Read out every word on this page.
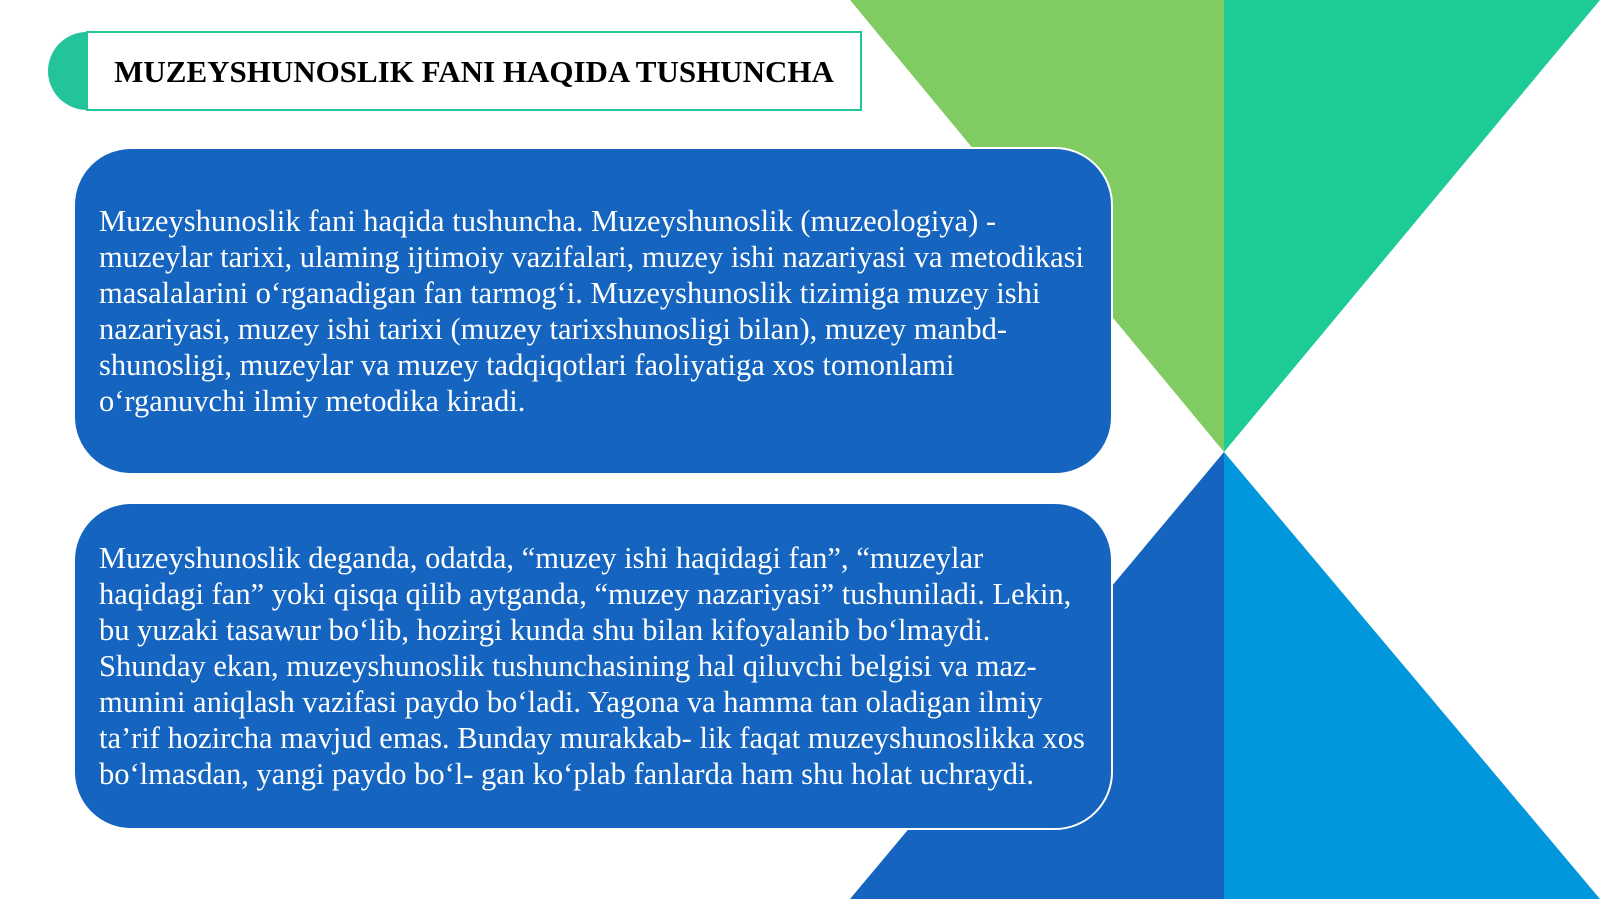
MUZEYSHUNOSLIK FANI HAQIDA TUSHUNCHA

Muzeyshunoslik fani haqida tushuncha. Muzeyshunoslik (muzeologiya) - muzeylar tarixi, ulaming ijtimoiy vazifalari, muzey ishi nazariyasi va metodikasi masalalarini o‘rganadigan fan tarmog‘i. Muzeyshunoslik tizimiga muzey ishi nazariyasi, muzey ishi tarixi (muzey tarixshunosligi bilan), muzey manbd- shunosligi, muzeylar va muzey tadqiqotlari faoliyatiga xos tomonlami o‘rganuvchi ilmiy metodika kiradi.

Muzeyshunoslik deganda, odatda, “muzey ishi haqidagi fan”, “muzeylar haqidagi fan” yoki qisqa qilib aytganda, “muzey nazariyasi” tushuniladi. Lekin, bu yuzaki tasawur bo‘lib, hozirgi kunda shu bilan kifoyalanib bo‘lmaydi. Shunday ekan, muzeyshunoslik tushunchasining hal qiluvchi belgisi va maz- munini aniqlash vazifasi paydo bo‘ladi. Yagona va hamma tan oladigan ilmiy ta’rif hozircha mavjud emas. Bunday murakkab- lik faqat muzeyshunoslikka xos bo‘lmasdan, yangi paydo bo‘l- gan ko‘plab fanlarda ham shu holat uchraydi.
